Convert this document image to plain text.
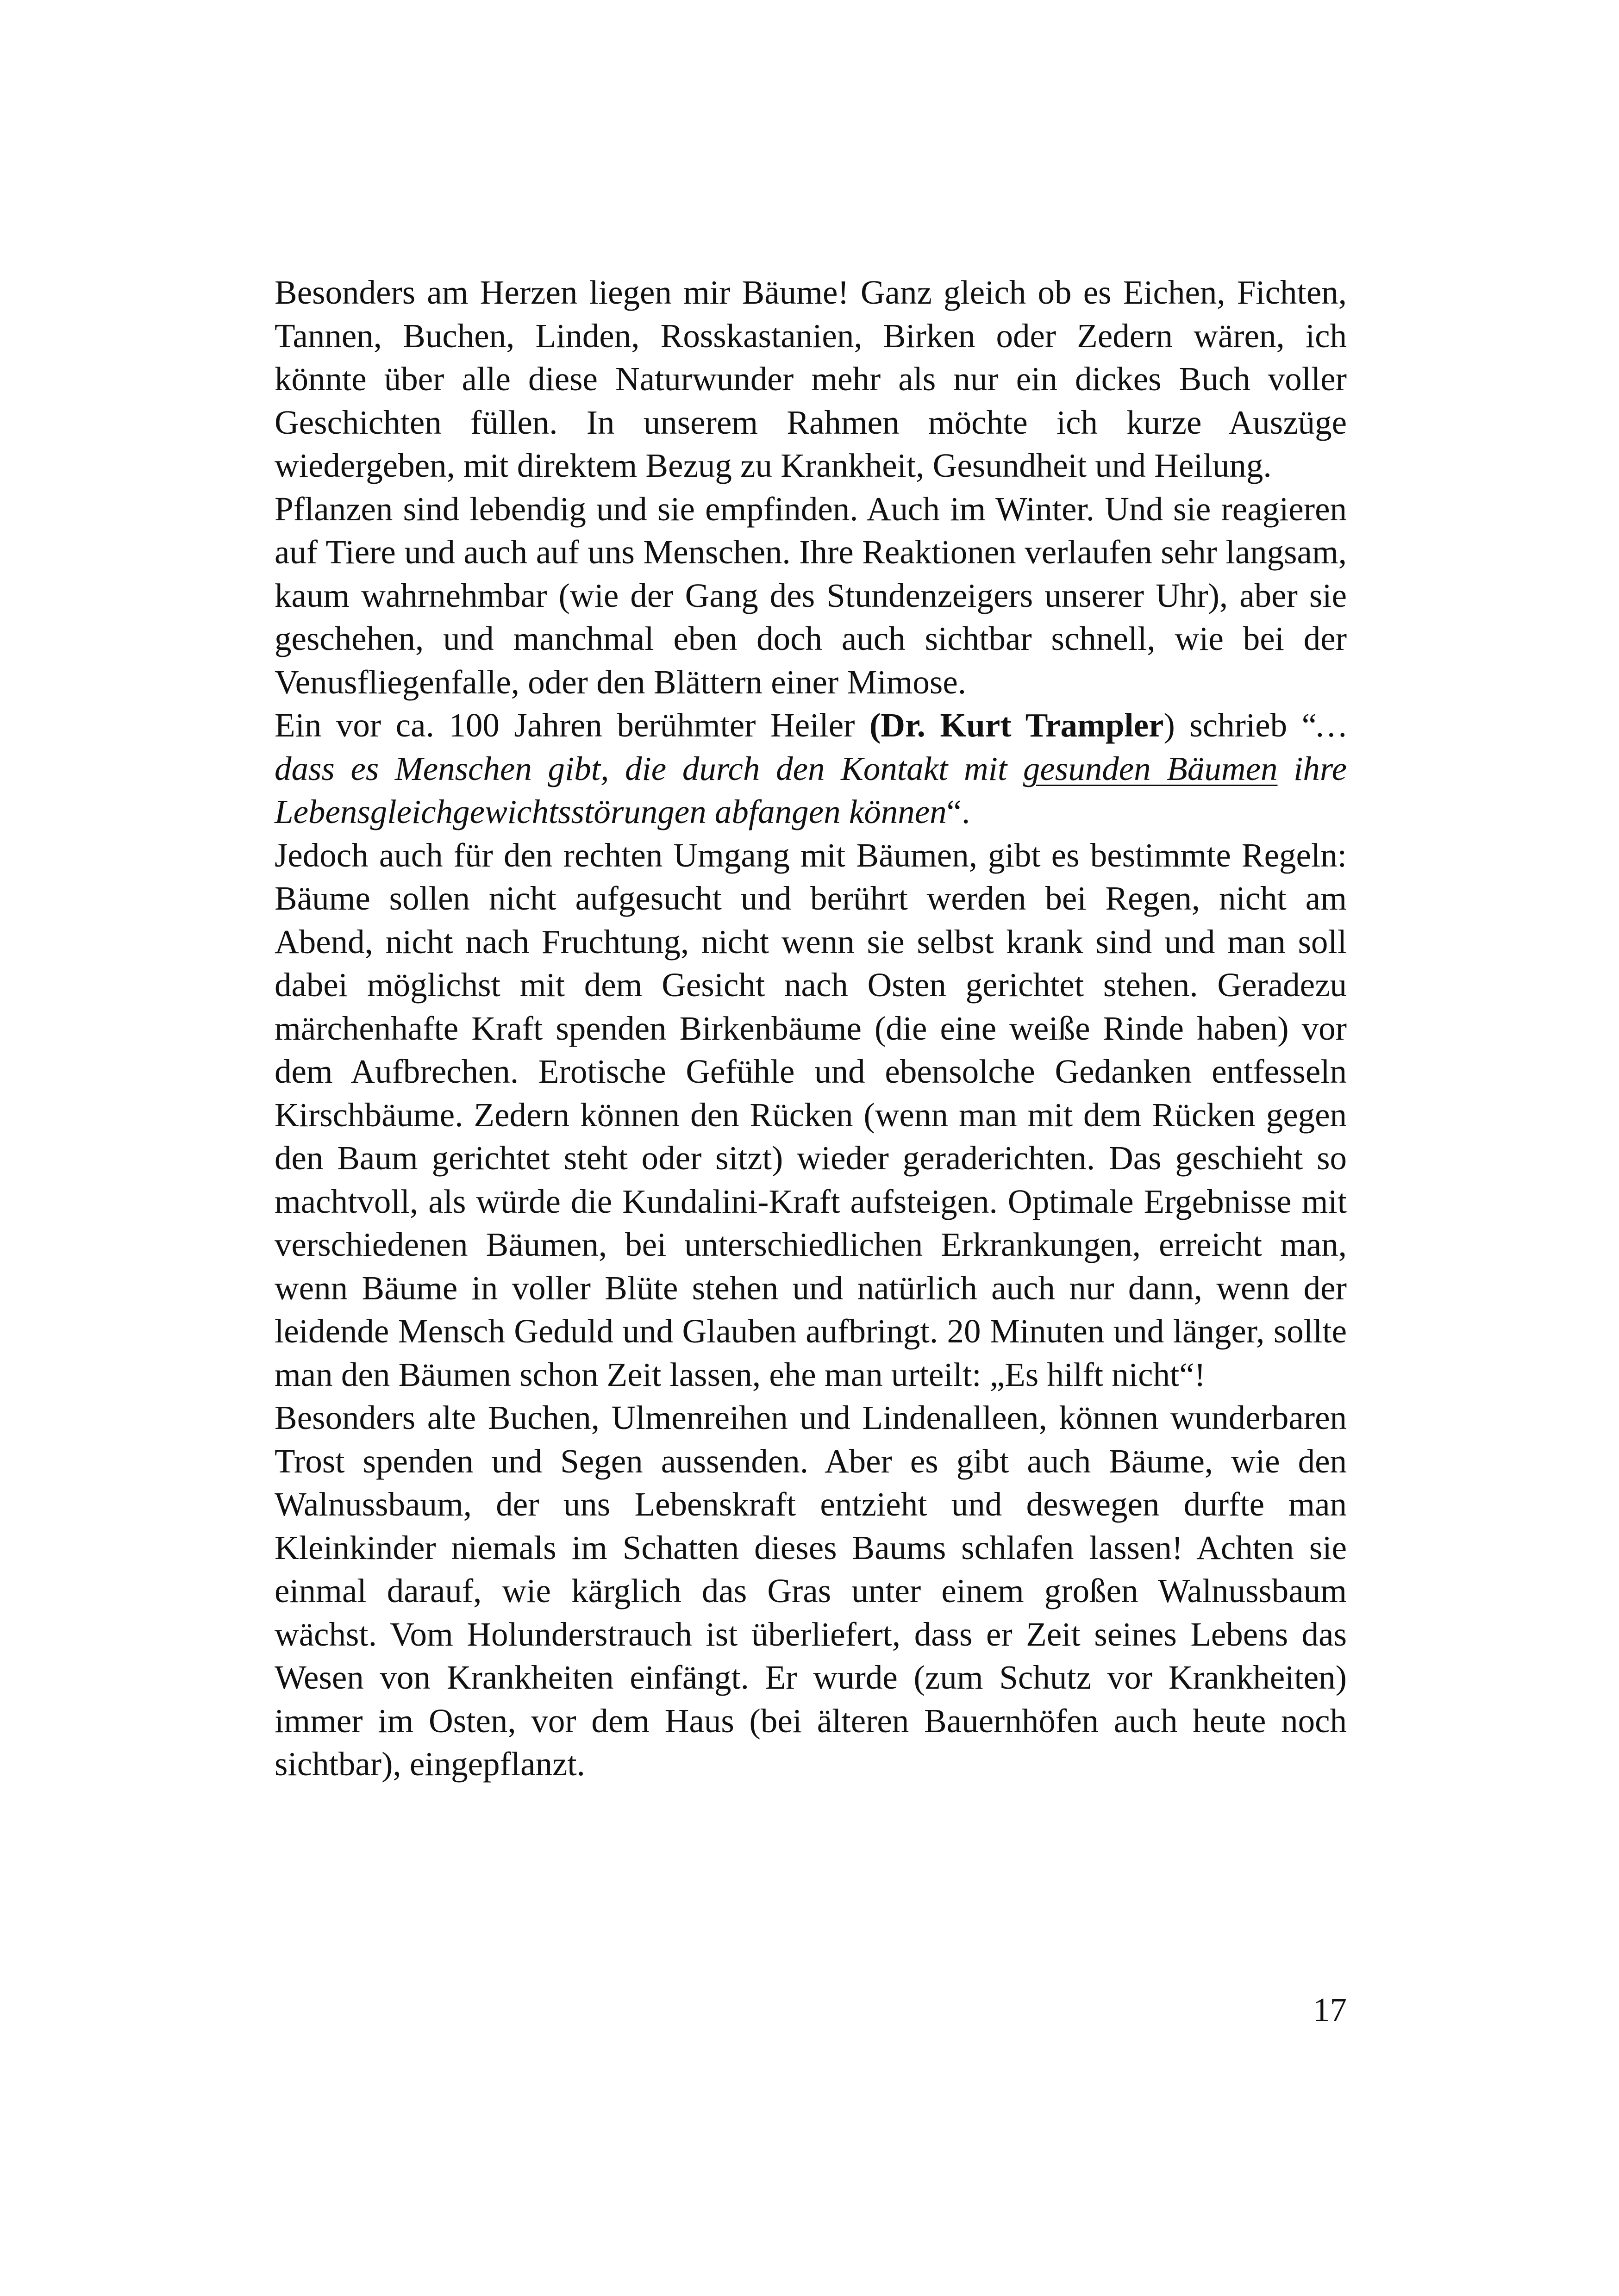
Besonders am Herzen liegen mir Bäume! Ganz gleich ob es Eichen, Fichten, Tannen, Buchen, Linden, Rosskastanien, Birken oder Zedern wären, ich könnte über alle diese Naturwunder mehr als nur ein dickes Buch voller Geschichten füllen. In unserem Rahmen möchte ich kurze Auszüge wiedergeben, mit direktem Bezug zu Krankheit, Gesundheit und Heilung.

Pflanzen sind lebendig und sie empfinden. Auch im Winter. Und sie reagieren auf Tiere und auch auf uns Menschen. Ihre Reaktionen verlaufen sehr langsam, kaum wahrnehmbar (wie der Gang des Stundenzeigers unserer Uhr), aber sie geschehen, und manchmal eben doch auch sichtbar schnell, wie bei der Venusfliegenfalle, oder den Blättern einer Mimose.

Ein vor ca. 100 Jahren berühmter Heiler (Dr. Kurt Trampler) schrieb “… dass es Menschen gibt, die durch den Kontakt mit gesunden Bäumen ihre Lebensgleichgewichtsstörungen abfangen können“.

Jedoch auch für den rechten Umgang mit Bäumen, gibt es bestimmte Regeln: Bäume sollen nicht aufgesucht und berührt werden bei Regen, nicht am Abend, nicht nach Fruchtung, nicht wenn sie selbst krank sind und man soll dabei möglichst mit dem Gesicht nach Osten gerichtet stehen. Geradezu märchenhafte Kraft spenden Birkenbäume (die eine weiße Rinde haben) vor dem Aufbrechen. Erotische Gefühle und ebensolche Gedanken entfesseln Kirschbäume. Zedern können den Rücken (wenn man mit dem Rücken gegen den Baum gerichtet steht oder sitzt) wieder geraderichten. Das geschieht so machtvoll, als würde die Kundalini-Kraft aufsteigen. Optimale Ergebnisse mit verschiedenen Bäumen, bei unterschiedlichen Erkrankungen, erreicht man, wenn Bäume in voller Blüte stehen und natürlich auch nur dann, wenn der leidende Mensch Geduld und Glauben aufbringt. 20 Minuten und länger, sollte man den Bäumen schon Zeit lassen, ehe man urteilt: „Es hilft nicht“!

Besonders alte Buchen, Ulmenreihen und Lindenalleen, können wunderbaren Trost spenden und Segen aussenden. Aber es gibt auch Bäume, wie den Walnussbaum, der uns Lebenskraft entzieht und deswegen durfte man Kleinkinder niemals im Schatten dieses Baums schlafen lassen! Achten sie einmal darauf, wie kärglich das Gras unter einem großen Walnussbaum wächst. Vom Holunderstrauch ist überliefert, dass er Zeit seines Lebens das Wesen von Krankheiten einfängt. Er wurde (zum Schutz vor Krankheiten) immer im Osten, vor dem Haus (bei älteren Bauernhöfen auch heute noch sichtbar), eingepflanzt.

17
